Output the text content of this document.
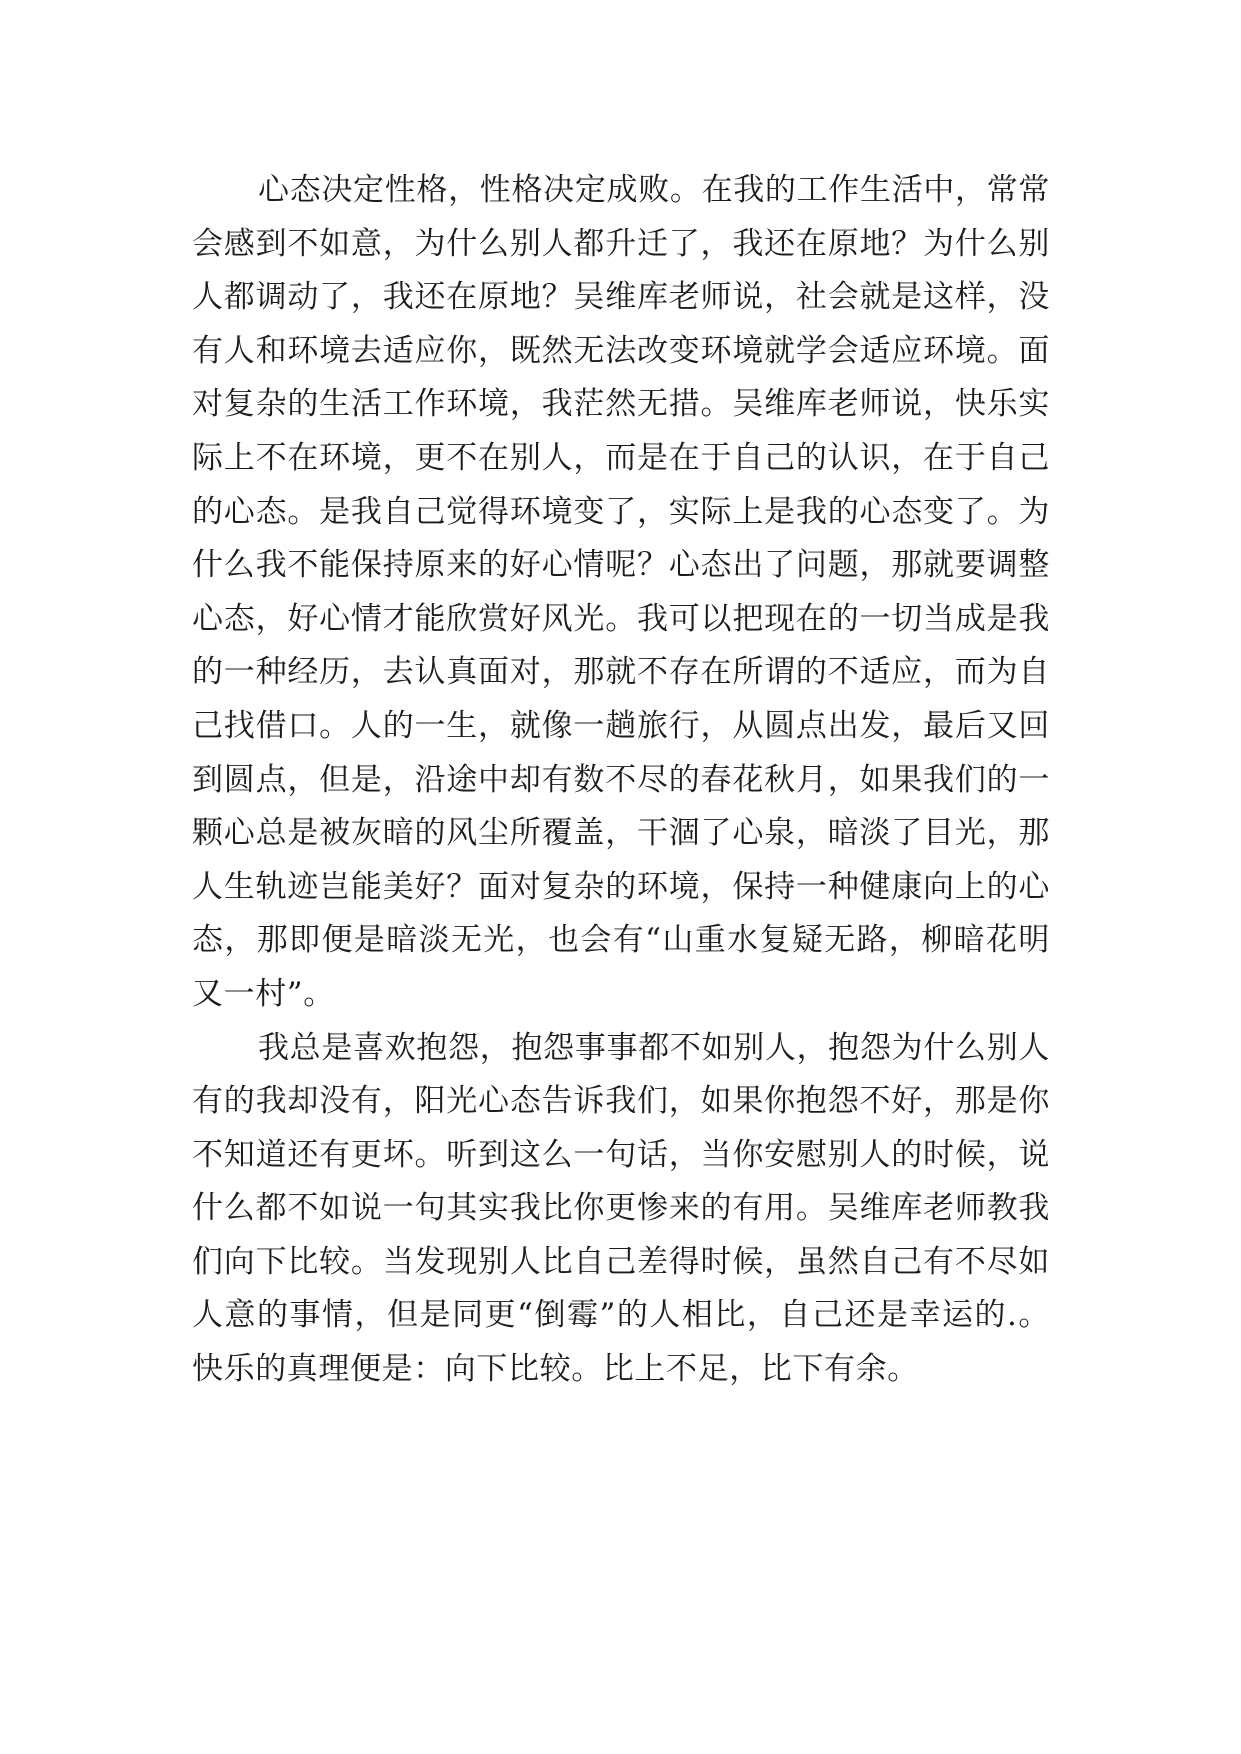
心态决定性格，性格决定成败。在我的工作生活中，常常会感到不如意，为什么别人都升迁了，我还在原地？为什么别人都调动了，我还在原地？吴维库老师说，社会就是这样，没有人和环境去适应你，既然无法改变环境就学会适应环境。面对复杂的生活工作环境，我茫然无措。吴维库老师说，快乐实际上不在环境，更不在别人，而是在于自己的认识，在于自己的心态。是我自己觉得环境变了，实际上是我的心态变了。为什么我不能保持原来的好心情呢？心态出了问题，那就要调整心态，好心情才能欣赏好风光。我可以把现在的一切当成是我的一种经历，去认真面对，那就不存在所谓的不适应，而为自己找借口。人的一生，就像一趟旅行，从圆点出发，最后又回到圆点，但是，沿途中却有数不尽的春花秋月，如果我们的一颗心总是被灰暗的风尘所覆盖，干涸了心泉，暗淡了目光，那人生轨迹岂能美好？面对复杂的环境，保持一种健康向上的心态，那即便是暗淡无光，也会有“山重水复疑无路，柳暗花明又一村”。

我总是喜欢抱怨，抱怨事事都不如别人，抱怨为什么别人有的我却没有，阳光心态告诉我们，如果你抱怨不好，那是你不知道还有更坏。听到这么一句话，当你安慰别人的时候，说什么都不如说一句其实我比你更惨来的有用。吴维库老师教我们向下比较。当发现别人比自己差得时候，虽然自己有不尽如人意的事情，但是同更“倒霉”的人相比，自己还是幸运的.。快乐的真理便是：向下比较。比上不足，比下有余。
